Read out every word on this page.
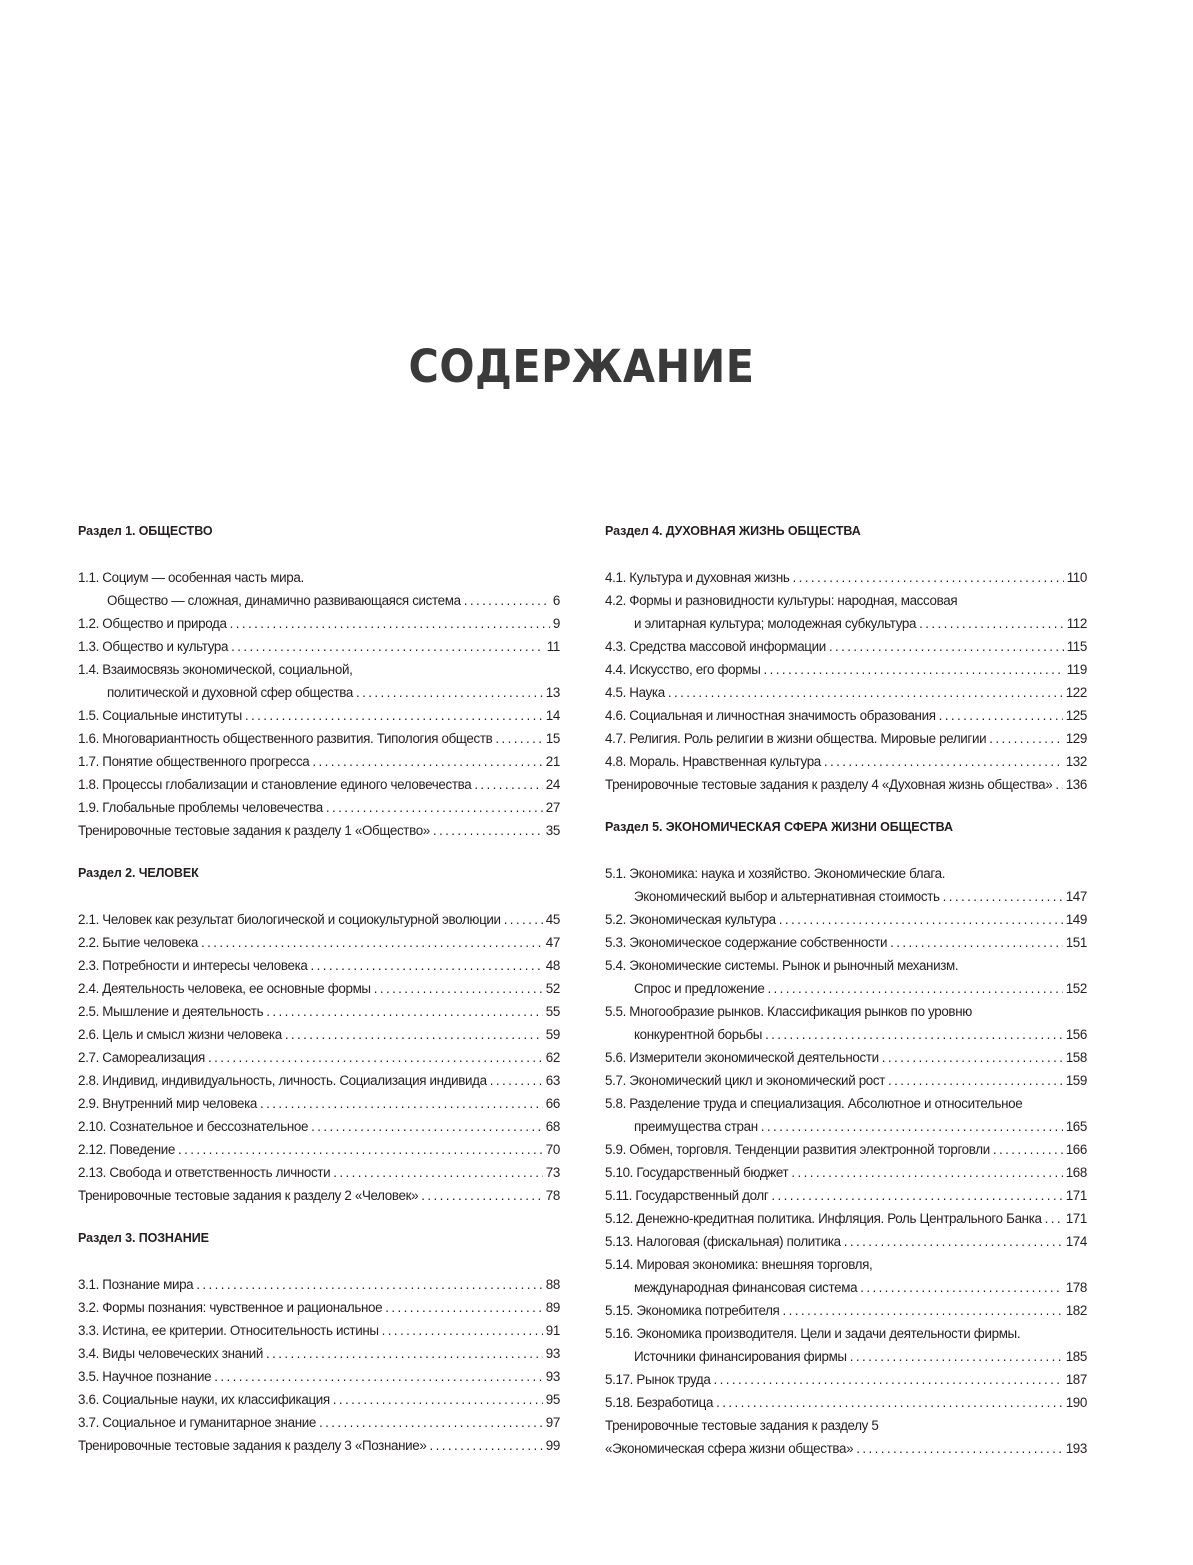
СОДЕРЖАНИЕ
Раздел 1. ОБЩЕСТВО
1.1. Социум — особенная часть мира.
Общество — сложная, динамично развивающаяся система .....	6
1.2. Общество и природа .....	9
1.3. Общество и культура .....	11
1.4. Взаимосвязь экономической, социальной,
политической и духовной сфер общества .....	13
1.5. Социальные институты .....	14
1.6. Многовариантность общественного развития. Типология обществ .....	15
1.7. Понятие общественного прогресса .....	21
1.8. Процессы глобализации и становление единого человечества .....	24
1.9. Глобальные проблемы человечества .....	27
Тренировочные тестовые задания к разделу 1 «Общество» .....	35
Раздел 2. ЧЕЛОВЕК
2.1. Человек как результат биологической и социокультурной эволюции .....	45
2.2. Бытие человека .....	47
2.3. Потребности и интересы человека .....	48
2.4. Деятельность человека, ее основные формы .....	52
2.5. Мышление и деятельность .....	55
2.6. Цель и смысл жизни человека .....	59
2.7. Самореализация .....	62
2.8. Индивид, индивидуальность, личность. Социализация индивида .....	63
2.9. Внутренний мир человека .....	66
2.10. Сознательное и бессознательное .....	68
2.12. Поведение .....	70
2.13. Свобода и ответственность личности .....	73
Тренировочные тестовые задания к разделу 2 «Человек» .....	78
Раздел 3. ПОЗНАНИЕ
3.1. Познание мира .....	88
3.2. Формы познания: чувственное и рациональное .....	89
3.3. Истина, ее критерии. Относительность истины .....	91
3.4. Виды человеческих знаний .....	93
3.5. Научное познание .....	93
3.6. Социальные науки, их классификация .....	95
3.7. Социальное и гуманитарное знание .....	97
Тренировочные тестовые задания к разделу 3 «Познание» .....	99
Раздел 4. ДУХОВНАЯ ЖИЗНЬ ОБЩЕСТВА
4.1. Культура и духовная жизнь .....	110
4.2. Формы и разновидности культуры: народная, массовая
и элитарная культура; молодежная субкультура .....	112
4.3. Средства массовой информации .....	115
4.4. Искусство, его формы .....	119
4.5. Наука .....	122
4.6. Социальная и личностная значимость образования .....	125
4.7. Религия. Роль религии в жизни общества. Мировые религии .....	129
4.8. Мораль. Нравственная культура .....	132
Тренировочные тестовые задания к разделу 4 «Духовная жизнь общества» ..... 136
Раздел 5. ЭКОНОМИЧЕСКАЯ СФЕРА ЖИЗНИ ОБЩЕСТВА
5.1. Экономика: наука и хозяйство. Экономические блага.
Экономический выбор и альтернативная стоимость .....	147
5.2. Экономическая культура .....	149
5.3. Экономическое содержание собственности .....	151
5.4. Экономические системы. Рынок и рыночный механизм.
Спрос и предложение .....	152
5.5. Многообразие рынков. Классификация рынков по уровню
конкурентной борьбы .....	156
5.6. Измерители экономической деятельности .....	158
5.7. Экономический цикл и экономический рост .....	159
5.8. Разделение труда и специализация. Абсолютное и относительное
преимущества стран .....	165
5.9. Обмен, торговля. Тенденции развития электронной торговли .....	166
5.10. Государственный бюджет .....	168
5.11. Государственный долг .....	171
5.12. Денежно-кредитная политика. Инфляция. Роль Центрального Банка ..... 171
5.13. Налоговая (фискальная) политика .....	174
5.14. Мировая экономика: внешняя торговля,
международная финансовая система .....	178
5.15. Экономика потребителя .....	182
5.16. Экономика производителя. Цели и задачи деятельности фирмы.
Источники финансирования фирмы .....	185
5.17. Рынок труда .....	187
5.18. Безработица .....	190
Тренировочные тестовые задания к разделу 5
«Экономическая сфера жизни общества» .....	193
